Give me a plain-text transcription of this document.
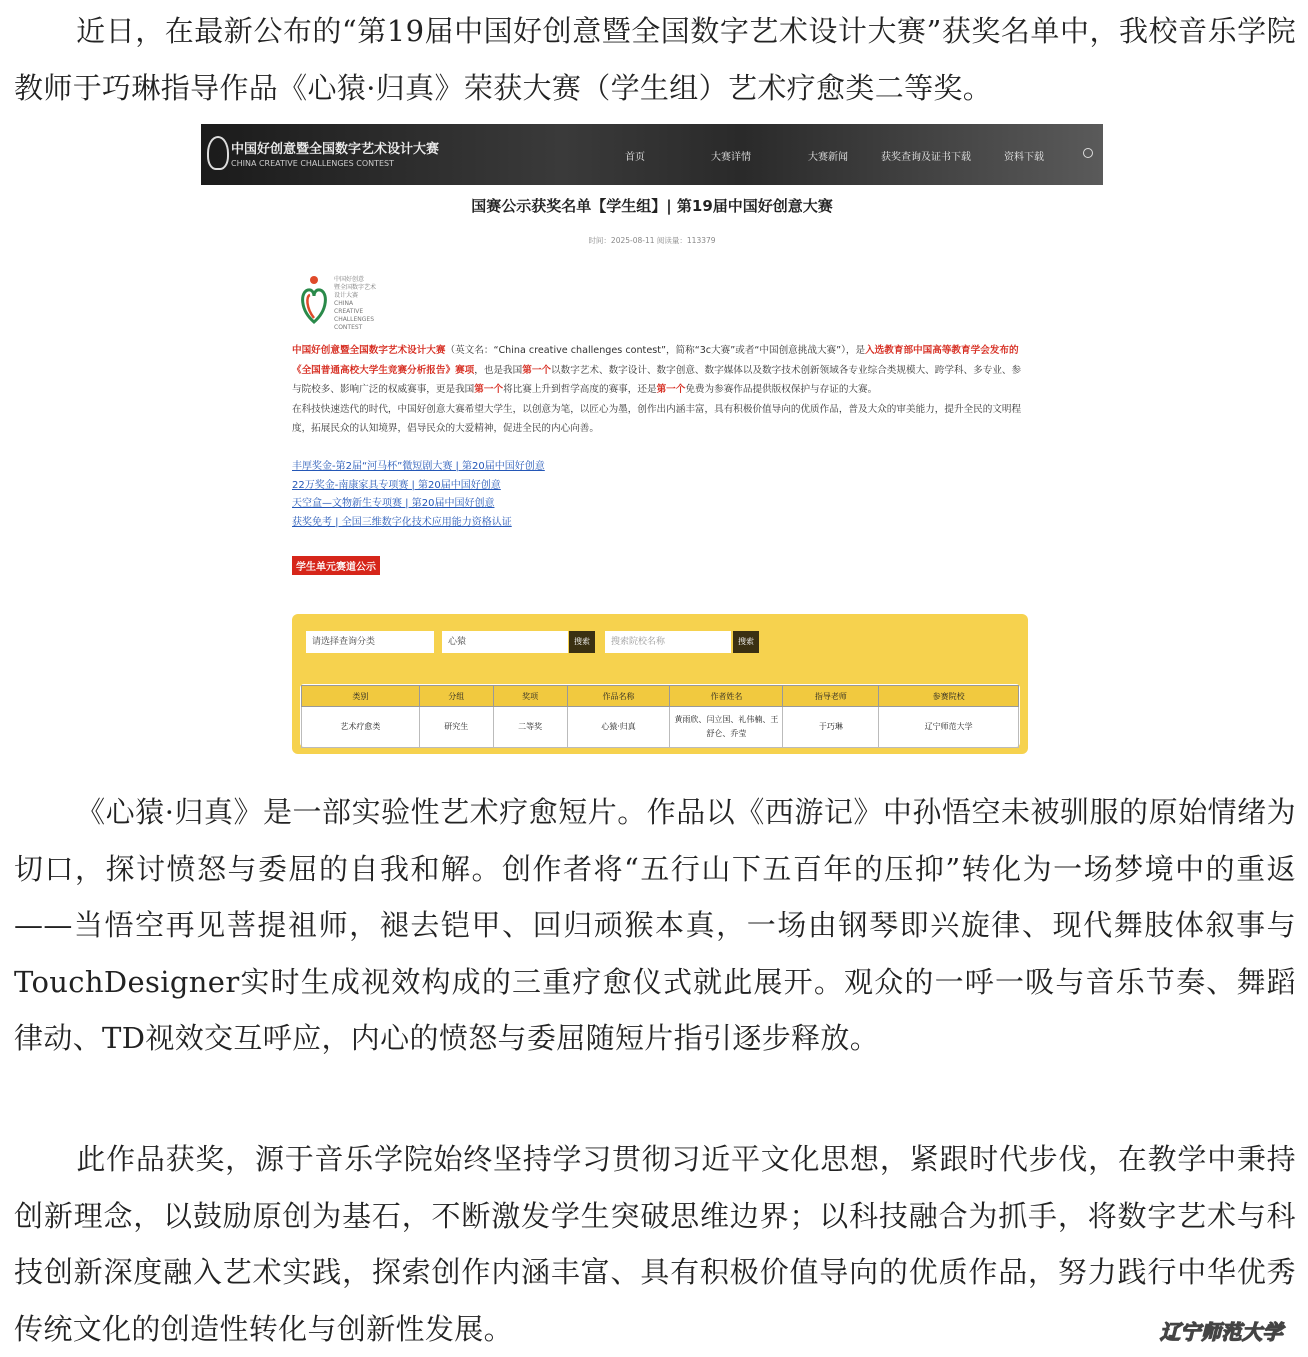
近日，在最新公布的“第19届中国好创意暨全国数字艺术设计大赛”获奖名单中，我校音乐学院教师于巧琳指导作品《心猿·归真》荣获大赛（学生组）艺术疗愈类二等奖。

中国好创意暨全国数字艺术设计大赛
CHINA CREATIVE CHALLENGES CONTEST
首页	大赛详情	大赛新闻	获奖查询及证书下载	资料下载
国赛公示获奖名单【学生组】| 第19届中国好创意大赛
时间：2025-08-11 阅读量：113379
中国好创意
暨全国数字艺术
设计大赛
CHINA
CREATIVE
CHALLENGES
CONTEST

中国好创意暨全国数字艺术设计大赛（英文名：“China creative challenges contest”，简称“3c大赛”或者“中国创意挑战大赛”），是入选教育部中国高等教育学会发布的《全国普通高校大学生竞赛分析报告》赛项，也是我国第一个以数字艺术、数字设计、数字创意、数字媒体以及数字技术创新领域各专业综合类规模大、跨学科、多专业、参与院校多、影响广泛的权威赛事，更是我国第一个将比赛上升到哲学高度的赛事，还是第一个免费为参赛作品提供版权保护与存证的大赛。
在科技快速迭代的时代，中国好创意大赛希望大学生，以创意为笔，以匠心为墨，创作出内涵丰富，具有积极价值导向的优质作品，普及大众的审美能力，提升全民的文明程度，拓展民众的认知境界，倡导民众的大爱精神，促进全民的内心向善。

丰厚奖金-第2届“河马杯”微短剧大赛 | 第20届中国好创意
22万奖金-南康家具专项赛 | 第20届中国好创意
天空盒—文物新生专项赛 | 第20届中国好创意
获奖免考 | 全国三维数字化技术应用能力资格认证
学生单元赛道公示
请选择查询分类	心猿	搜索	搜索院校名称	搜索
类别	分组	奖项	作品名称	作者姓名	指导老师	参赛院校
艺术疗愈类	研究生	二等奖	心猿·归真	黄雨欣、闫立国、礼伟楠、王舒仑、乔莹	于巧琳	辽宁师范大学

《心猿·归真》是一部实验性艺术疗愈短片。作品以《西游记》中孙悟空未被驯服的原始情绪为切口，探讨愤怒与委屈的自我和解。创作者将“五行山下五百年的压抑”转化为一场梦境中的重返——当悟空再见菩提祖师，褪去铠甲、回归顽猴本真，一场由钢琴即兴旋律、现代舞肢体叙事与TouchDesigner实时生成视效构成的三重疗愈仪式就此展开。观众的一呼一吸与音乐节奏、舞蹈律动、TD视效交互呼应，内心的愤怒与委屈随短片指引逐步释放。

此作品获奖，源于音乐学院始终坚持学习贯彻习近平文化思想，紧跟时代步伐，在教学中秉持创新理念，以鼓励原创为基石，不断激发学生突破思维边界；以科技融合为抓手，将数字艺术与科技创新深度融入艺术实践，探索创作内涵丰富、具有积极价值导向的优质作品，努力践行中华优秀传统文化的创造性转化与创新性发展。	辽宁师范大学
